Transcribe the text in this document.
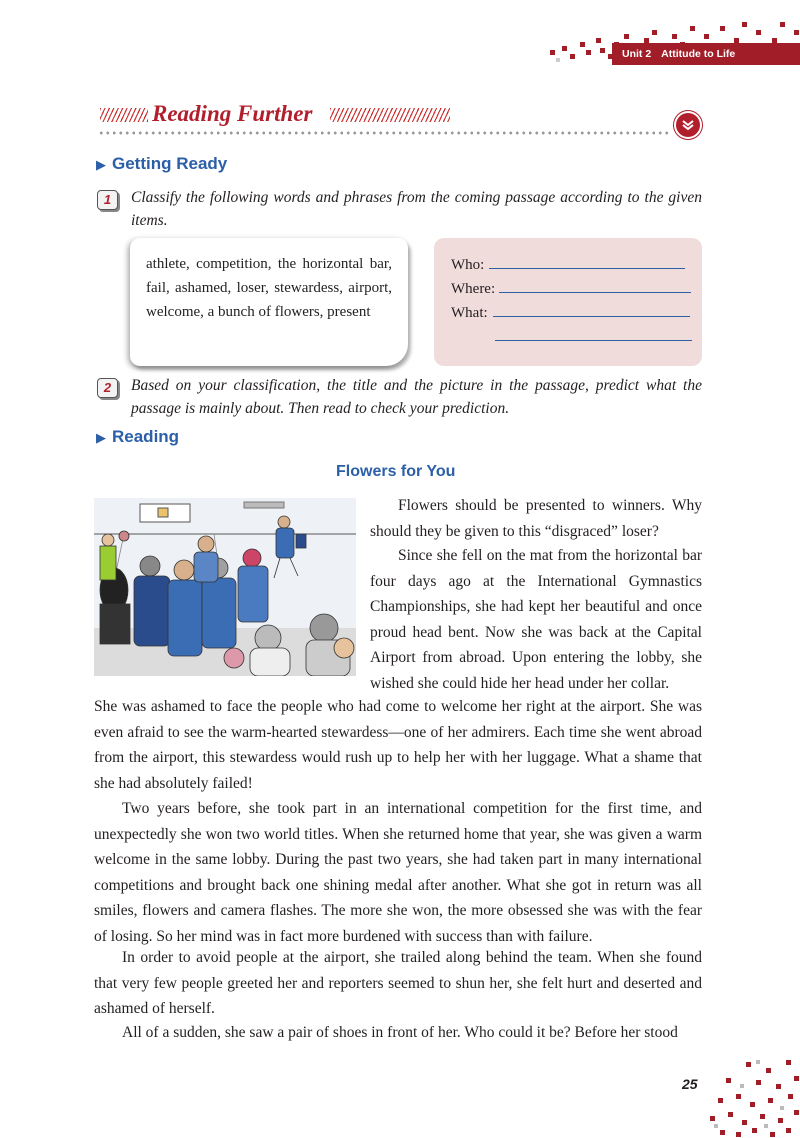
Unit 2 Attitude to Life
Reading Further
▶ Getting Ready
1	Classify the following words and phrases from the coming passage according to the given items.
athlete, competition, the horizontal bar, fail, ashamed, loser, stewardess, airport, welcome, a bunch of flowers, present
Who:
Where:
What:
2	Based on your classification, the title and the picture in the passage, predict what the passage is mainly about. Then read to check your prediction.
▶ Reading
Flowers for You
Flowers should be presented to winners. Why should they be given to this “disgraced” loser?
Since she fell on the mat from the horizontal bar four days ago at the International Gymnastics Championships, she had kept her beautiful and once proud head bent. Now she was back at the Capital Airport from abroad. Upon entering the lobby, she wished she could hide her head under her collar.
She was ashamed to face the people who had come to welcome her right at the airport. She was even afraid to see the warm-hearted stewardess—one of her admirers. Each time she went abroad from the airport, this stewardess would rush up to help her with her luggage. What a shame that she had absolutely failed!
Two years before, she took part in an international competition for the first time, and unexpectedly she won two world titles. When she returned home that year, she was given a warm welcome in the same lobby. During the past two years, she had taken part in many international competitions and brought back one shining medal after another. What she got in return was all smiles, flowers and camera flashes. The more she won, the more obsessed she was with the fear of losing. So her mind was in fact more burdened with success than with failure.
In order to avoid people at the airport, she trailed along behind the team. When she found that very few people greeted her and reporters seemed to shun her, she felt hurt and deserted and ashamed of herself.
All of a sudden, she saw a pair of shoes in front of her. Who could it be? Before her stood
25
